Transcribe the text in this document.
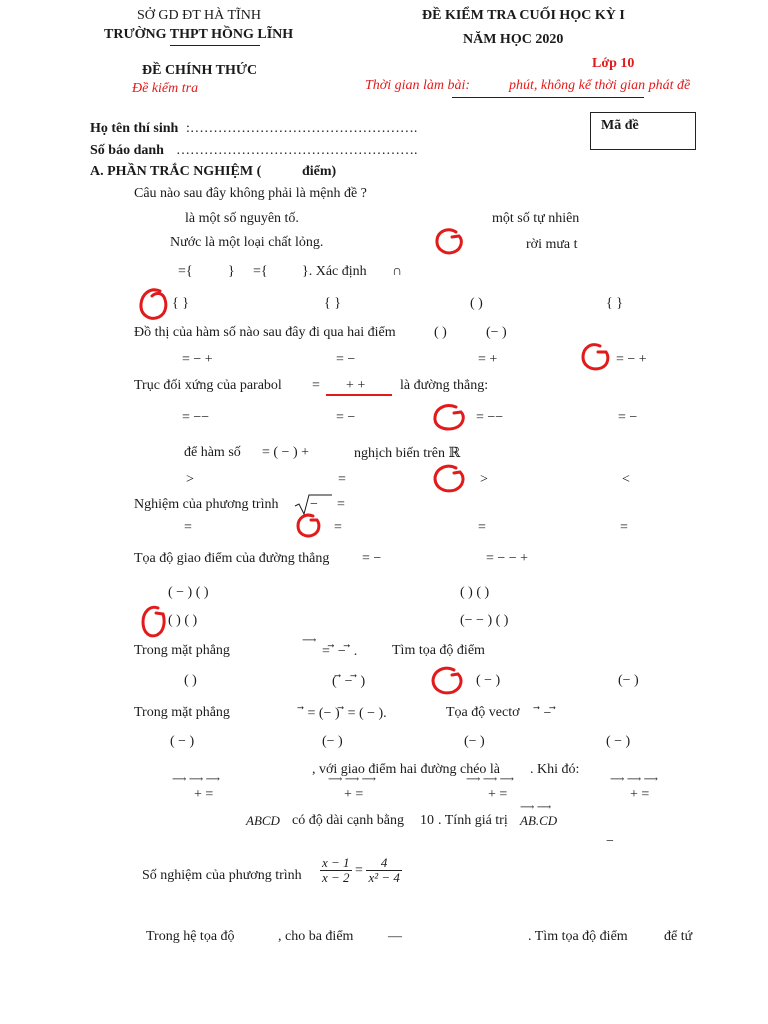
SỞ GD ĐT HÀ TĨNH
TRƯỜNG THPT HỒNG LĨNH
ĐỀ CHÍNH THỨC
Đề kiểm tra
ĐỀ KIỂM TRA CUỐI HỌC KỲ I
NĂM HỌC 2020
Lớp 10
Thời gian làm bài:	phút, không kể thời gian phát đề
Họ tên thí sinh :………………………………………….
Số báo danh …………………………………………….
Mã đề
A. PHẦN TRẮC NGHIỆM (	điểm)
Câu nào sau đây không phải là mệnh đề ?
là một số nguyên tố.	một số tự nhiên
Nước là một loại chất lỏng.	rời mưa t
={	} ={ }. Xác định ∩
{ }	{ }	( )	{ }
Đồ thị của hàm số nào sau đây đi qua hai điểm	( )	(− )
= − +	= −	= +	= − +
Trục đối xứng của parabol = + + là đường thẳng:
= −−	= −	= −−	= −
để hàm số = ( − ) +	nghịch biến trên ℝ
>	=	>	<
Nghiệm của phương trình − =
=	=	=	=
Tọa độ giao điểm của đường thẳng = −	= − − +
( − ) ( )	( ) ( )
( ) ( )	(− − ) ( )
Trong mặt phẳng
⟶
= ⃗ − ⃗ . Tìm tọa độ điểm
( )	( ⃗ − ⃗ )	( − )	(− )
Trong mặt phẳng	⃗ = (− ) ⃗ = ( − ).	Tọa độ vectơ ⃗ − ⃗
( − )	(− )	(− )	( − )
, với giao điểm hai đường chéo là . Khi đó:
⟶ ⟶ ⟶
+ =
⟶ ⟶ ⟶
+ =
⟶ ⟶ ⟶
+ =
⟶ ⟶ ⟶
+ =
ABCD có độ dài cạnh bằng 10 . Tính giá trị
⟶ ⟶
AB.CD
−
Số nghiệm của phương trình $\frac{x - 1}{x - 2} = \frac{4}{\text{x² − 4}}$
Trong hệ tọa độ	, cho ba điểm —	. Tìm tọa độ điểm	để tứ
